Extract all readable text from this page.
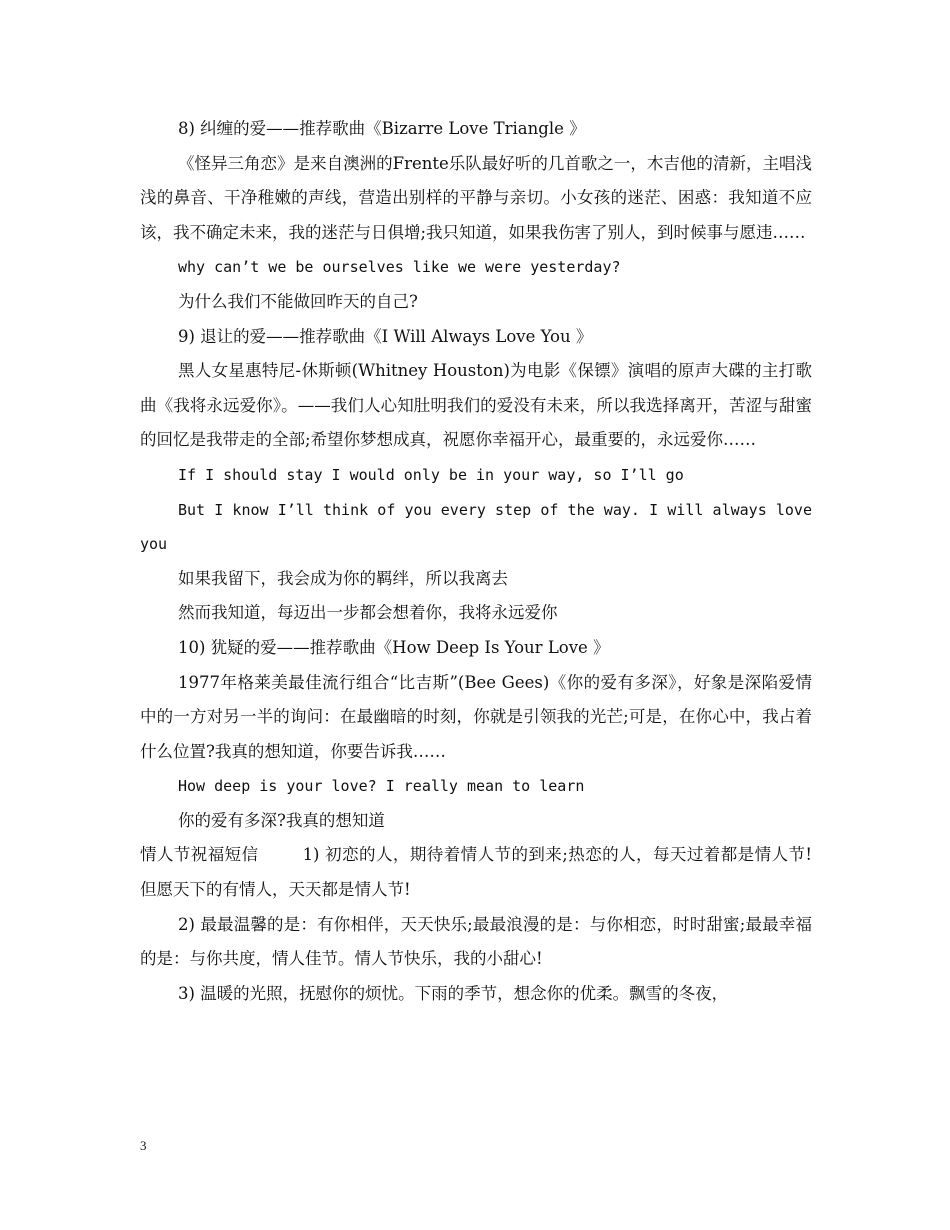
8) 纠缠的爱——推荐歌曲《Bizarre Love Triangle 》

《怪异三角恋》是来自澳洲的Frente乐队最好听的几首歌之一，木吉他的清新，主唱浅浅的鼻音、干净稚嫩的声线，营造出别样的平静与亲切。小女孩的迷茫、困惑：我知道不应该，我不确定未来，我的迷茫与日俱增;我只知道，如果我伤害了别人，到时候事与愿违……

why can’t we be ourselves like we were yesterday?

为什么我们不能做回昨天的自己?

9) 退让的爱——推荐歌曲《I Will Always Love You 》

黑人女星惠特尼-休斯顿(Whitney Houston)为电影《保镖》演唱的原声大碟的主打歌曲《我将永远爱你》。——我们人心知肚明我们的爱没有未来，所以我选择离开，苦涩与甜蜜的回忆是我带走的全部;希望你梦想成真，祝愿你幸福开心，最重要的，永远爱你……

If I should stay I would only be in your way, so I’ll go

But I know I’ll think of you every step of the way. I will always love you

如果我留下，我会成为你的羁绊，所以我离去

然而我知道，每迈出一步都会想着你，我将永远爱你

10) 犹疑的爱——推荐歌曲《How Deep Is Your Love 》

1977年格莱美最佳流行组合“比吉斯”(Bee Gees)《你的爱有多深》，好象是深陷爱情中的一方对另一半的询问：在最幽暗的时刻，你就是引领我的光芒;可是，在你心中，我占着什么位置?我真的想知道，你要告诉我……

How deep is your love? I really mean to learn

你的爱有多深?我真的想知道

情人节祝福短信	1) 初恋的人，期待着情人节的到来;热恋的人，每天过着都是情人节!但愿天下的有情人，天天都是情人节!

2) 最最温馨的是：有你相伴，天天快乐;最最浪漫的是：与你相恋，时时甜蜜;最最幸福的是：与你共度，情人佳节。情人节快乐，我的小甜心!

3) 温暖的光照，抚慰你的烦忧。下雨的季节，想念你的优柔。飘雪的冬夜，

3
